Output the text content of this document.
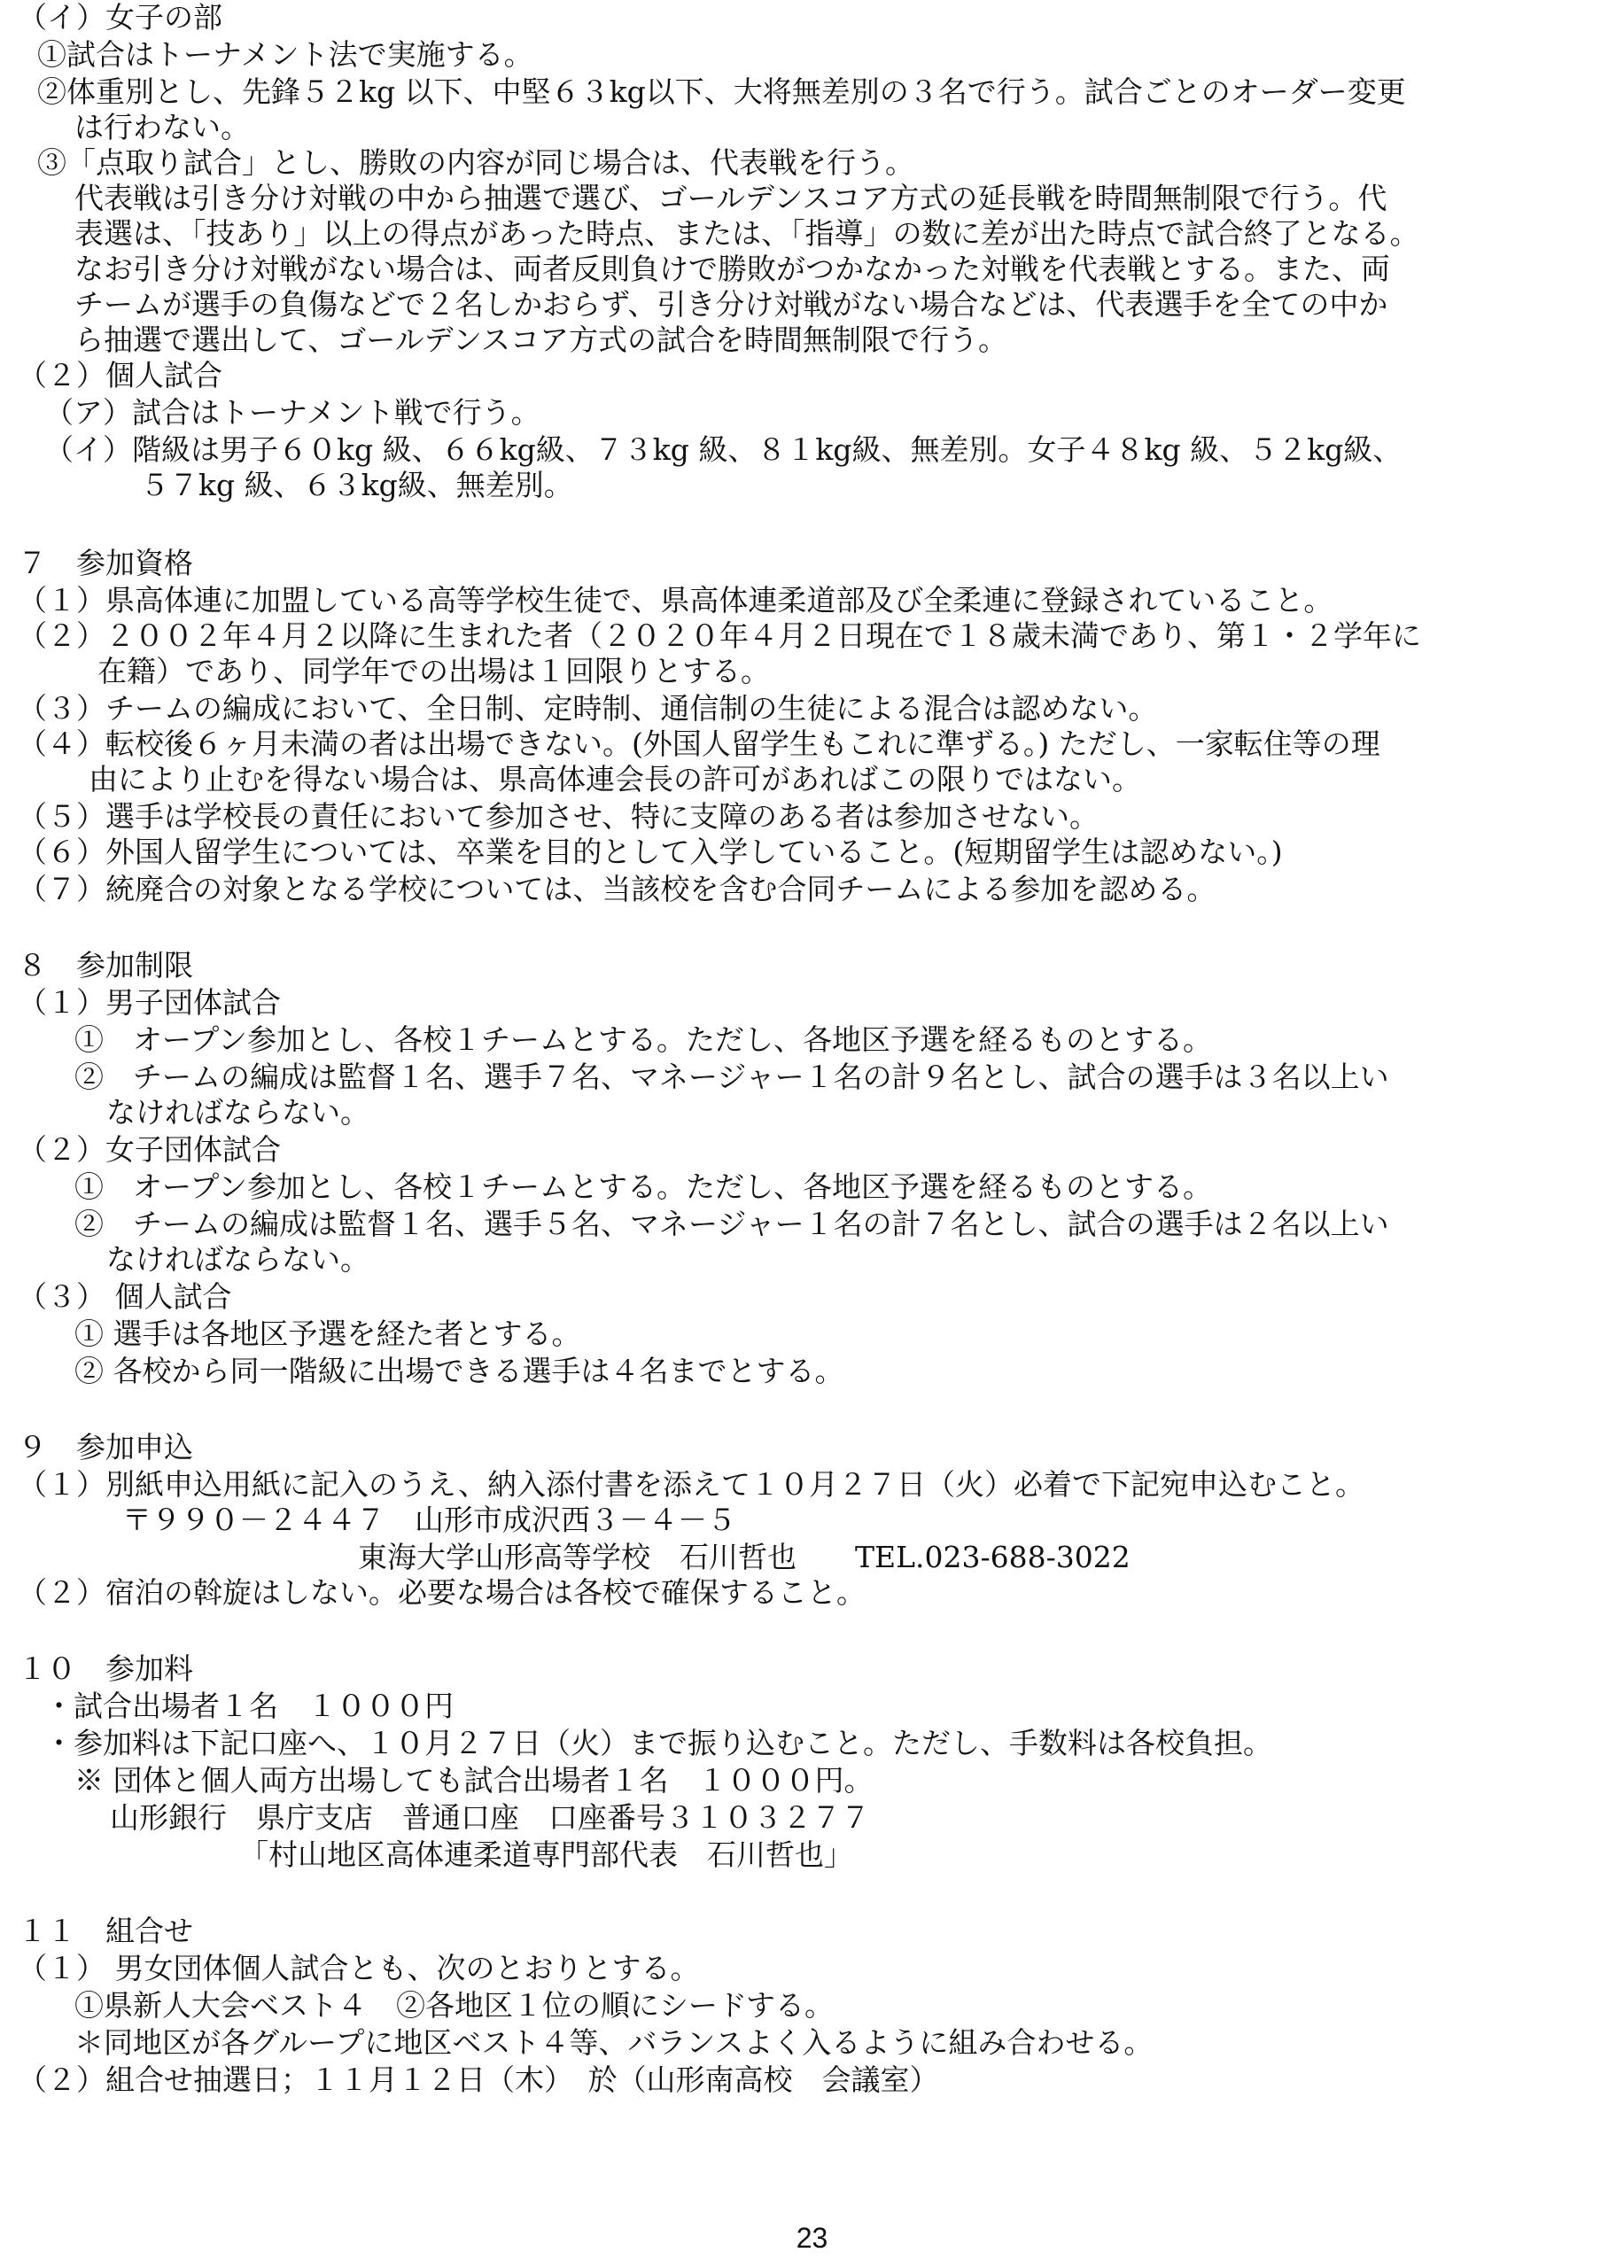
（イ）女子の部
①試合はトーナメント法で実施する。
②体重別とし、先鋒５２kg 以下、中堅６３kg以下、大将無差別の３名で行う。試合ごとのオーダー変更
は行わない。
③「点取り試合」とし、勝敗の内容が同じ場合は、代表戦を行う。
代表戦は引き分け対戦の中から抽選で選び、ゴールデンスコア方式の延長戦を時間無制限で行う。代
表選は、「技あり」以上の得点があった時点、または、「指導」の数に差が出た時点で試合終了となる。
なお引き分け対戦がない場合は、両者反則負けで勝敗がつかなかった対戦を代表戦とする。また、両
チームが選手の負傷などで２名しかおらず、引き分け対戦がない場合などは、代表選手を全ての中か
ら抽選で選出して、ゴールデンスコア方式の試合を時間無制限で行う。
（２）個人試合
（ア）試合はトーナメント戦で行う。
（イ）階級は男子６０kg 級、６６kg級、７３kg 級、８１kg級、無差別。女子４８kg 級、５２kg級、
５７kg 級、６３kg級、無差別。
７　参加資格
（１）県高体連に加盟している高等学校生徒で、県高体連柔道部及び全柔連に登録されていること。
（２）２００２年４月２以降に生まれた者（２０２０年４月２日現在で１８歳未満であり、第１・２学年に
在籍）であり、同学年での出場は１回限りとする。
（３）チームの編成において、全日制、定時制、通信制の生徒による混合は認めない。
（４）転校後６ヶ月未満の者は出場できない。(外国人留学生もこれに準ずる。) ただし、一家転住等の理
由により止むを得ない場合は、県高体連会長の許可があればこの限りではない。
（５）選手は学校長の責任において参加させ、特に支障のある者は参加させない。
（６）外国人留学生については、卒業を目的として入学していること。(短期留学生は認めない。)
（７）統廃合の対象となる学校については、当該校を含む合同チームによる参加を認める。
８　参加制限
（１）男子団体試合
①　オープン参加とし、各校１チームとする。ただし、各地区予選を経るものとする。
②　チームの編成は監督１名、選手７名、マネージャー１名の計９名とし、試合の選手は３名以上い
なければならない。
（２）女子団体試合
①　オープン参加とし、各校１チームとする。ただし、各地区予選を経るものとする。
②　チームの編成は監督１名、選手５名、マネージャー１名の計７名とし、試合の選手は２名以上い
なければならない。
（３） 個人試合
① 選手は各地区予選を経た者とする。
② 各校から同一階級に出場できる選手は４名までとする。
９　参加申込
（１）別紙申込用紙に記入のうえ、納入添付書を添えて１０月２７日（火）必着で下記宛申込むこと。
〒９９０－２４４７　山形市成沢西３－４－５
東海大学山形高等学校　石川哲也　　TEL.023-688-3022
（２）宿泊の斡旋はしない。必要な場合は各校で確保すること。
１０　参加料
・試合出場者１名　１０００円
・参加料は下記口座へ、１０月２７日（火）まで振り込むこと。ただし、手数料は各校負担。
※ 団体と個人両方出場しても試合出場者１名　１０００円。
山形銀行　県庁支店　普通口座　口座番号３１０３２７７
「村山地区高体連柔道専門部代表　石川哲也」
１１　組合せ
（１） 男女団体個人試合とも、次のとおりとする。
①県新人大会ベスト４　②各地区１位の順にシードする。
＊同地区が各グループに地区ベスト４等、バランスよく入るように組み合わせる。
（２）組合せ抽選日；１１月１２日（木）　於（山形南高校　会議室）
23
